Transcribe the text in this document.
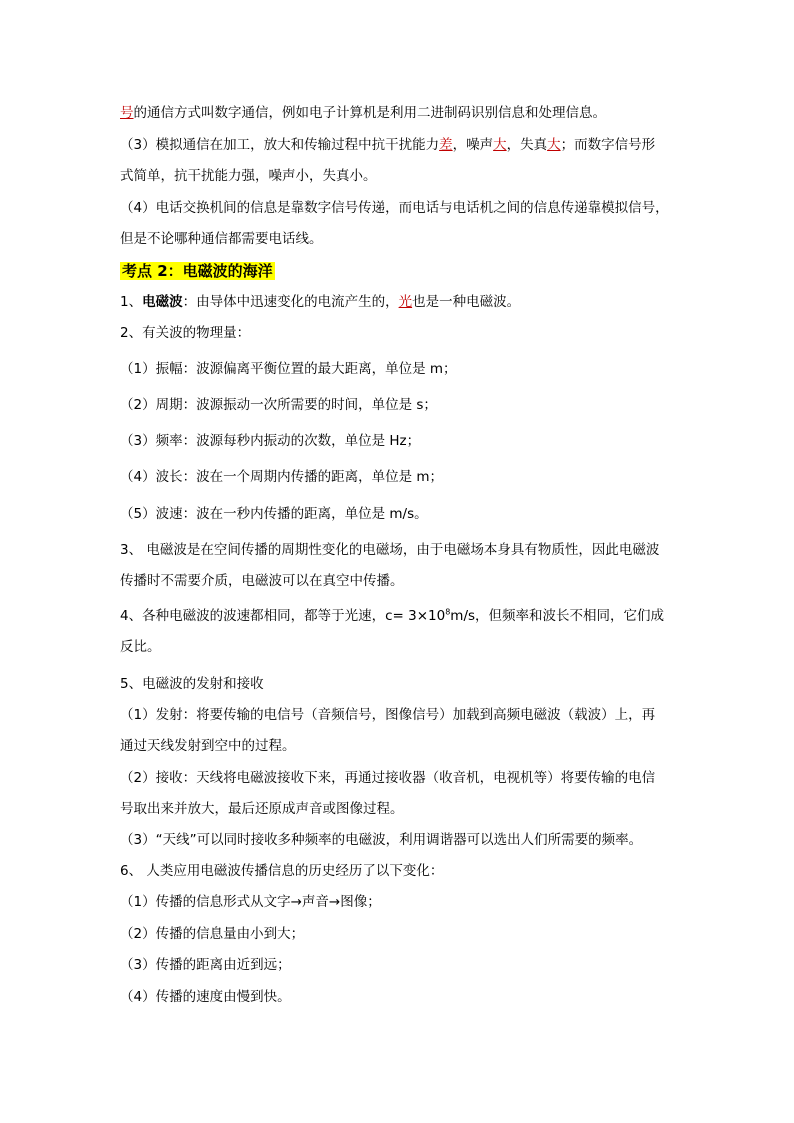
号的通信方式叫数字通信，例如电子计算机是利用二进制码识别信息和处理信息。
（3）模拟通信在加工，放大和传输过程中抗干扰能力差，噪声大，失真大；而数字信号形
式简单，抗干扰能力强，噪声小，失真小。
（4）电话交换机间的信息是靠数字信号传递，而电话与电话机之间的信息传递靠模拟信号，
但是不论哪种通信都需要电话线。
考点 2：电磁波的海洋
1、电磁波：由导体中迅速变化的电流产生的，光也是一种电磁波。
2、有关波的物理量：
（1）振幅：波源偏离平衡位置的最大距离，单位是 m；
（2）周期：波源振动一次所需要的时间，单位是 s；
（3）频率：波源每秒内振动的次数，单位是 Hz；
（4）波长：波在一个周期内传播的距离，单位是 m；
（5）波速：波在一秒内传播的距离，单位是 m/s。
3、 电磁波是在空间传播的周期性变化的电磁场，由于电磁场本身具有物质性，因此电磁波
传播时不需要介质，电磁波可以在真空中传播。
4、各种电磁波的波速都相同，都等于光速，$c= 3\times 10^8m/s$，但频率和波长不相同，它们成
反比。
5、电磁波的发射和接收
（1）发射：将要传输的电信号（音频信号，图像信号）加载到高频电磁波（载波）上，再
通过天线发射到空中的过程。
（2）接收：天线将电磁波接收下来，再通过接收器（收音机，电视机等）将要传输的电信
号取出来并放大，最后还原成声音或图像过程。
（3）“天线”可以同时接收多种频率的电磁波，利用调谐器可以选出人们所需要的频率。
6、 人类应用电磁波传播信息的历史经历了以下变化：
（1）传播的信息形式从文字→声音→图像；
（2）传播的信息量由小到大；
（3）传播的距离由近到远；
（4）传播的速度由慢到快。
